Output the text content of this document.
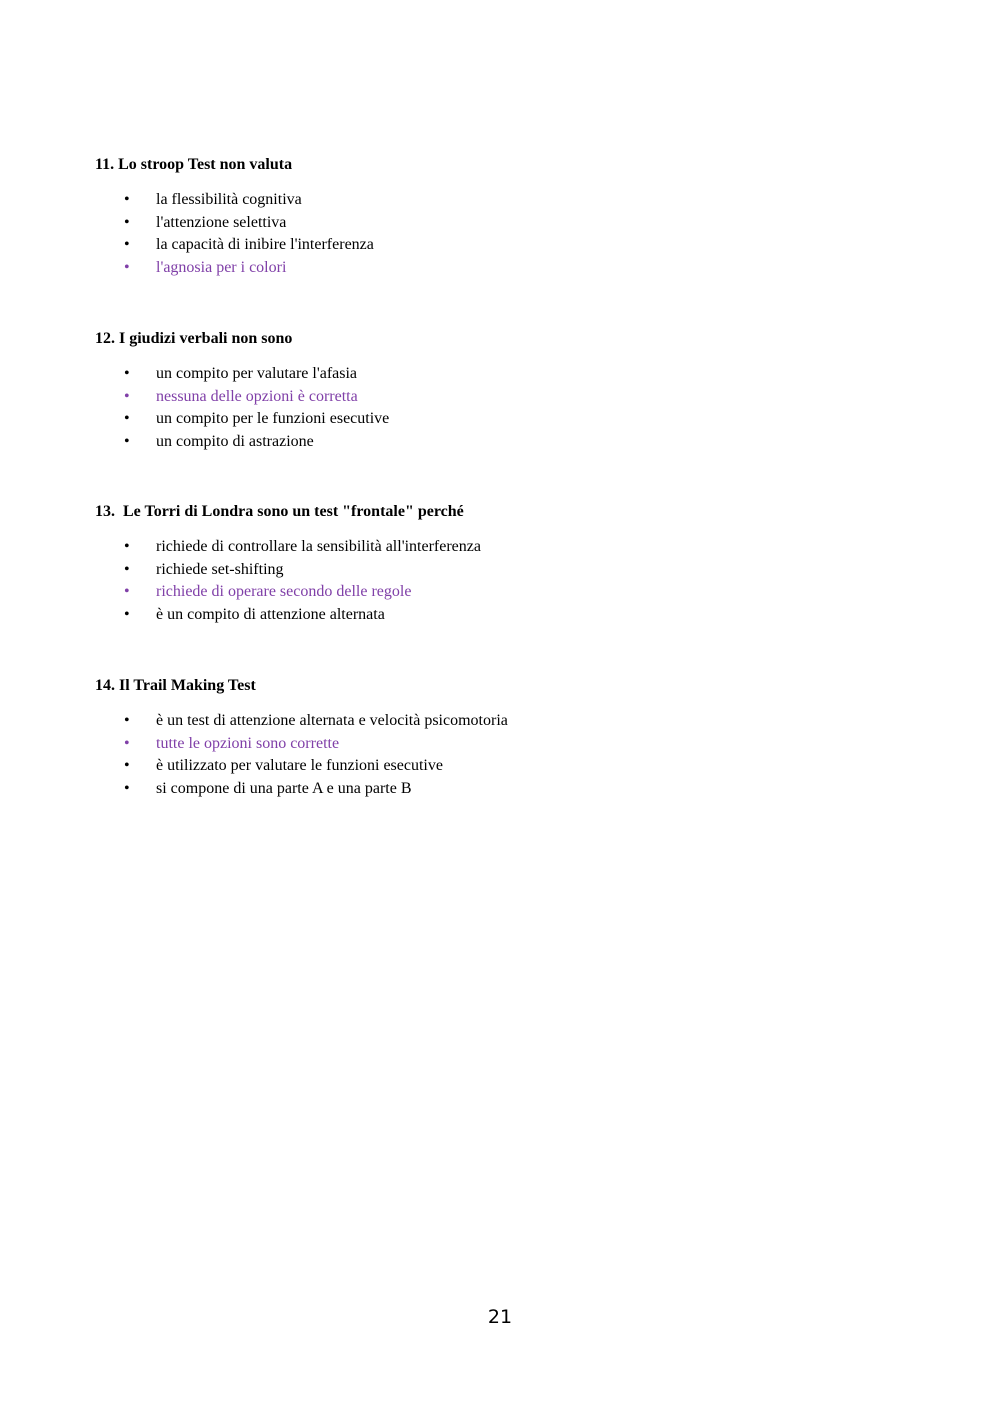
11. Lo stroop Test non valuta

• la flessibilità cognitiva
• l'attenzione selettiva
• la capacità di inibire l'interferenza
• l'agnosia per i colori

12. I giudizi verbali non sono

• un compito per valutare l'afasia
• nessuna delle opzioni è corretta
• un compito per le funzioni esecutive
• un compito di astrazione

13.  Le Torri di Londra sono un test "frontale" perché

• richiede di controllare la sensibilità all'interferenza
• richiede set-shifting
• richiede di operare secondo delle regole
• è un compito di attenzione alternata

14. Il Trail Making Test

• è un test di attenzione alternata e velocità psicomotoria
• tutte le opzioni sono corrette
• è utilizzato per valutare le funzioni esecutive
• si compone di una parte A e una parte B
21
